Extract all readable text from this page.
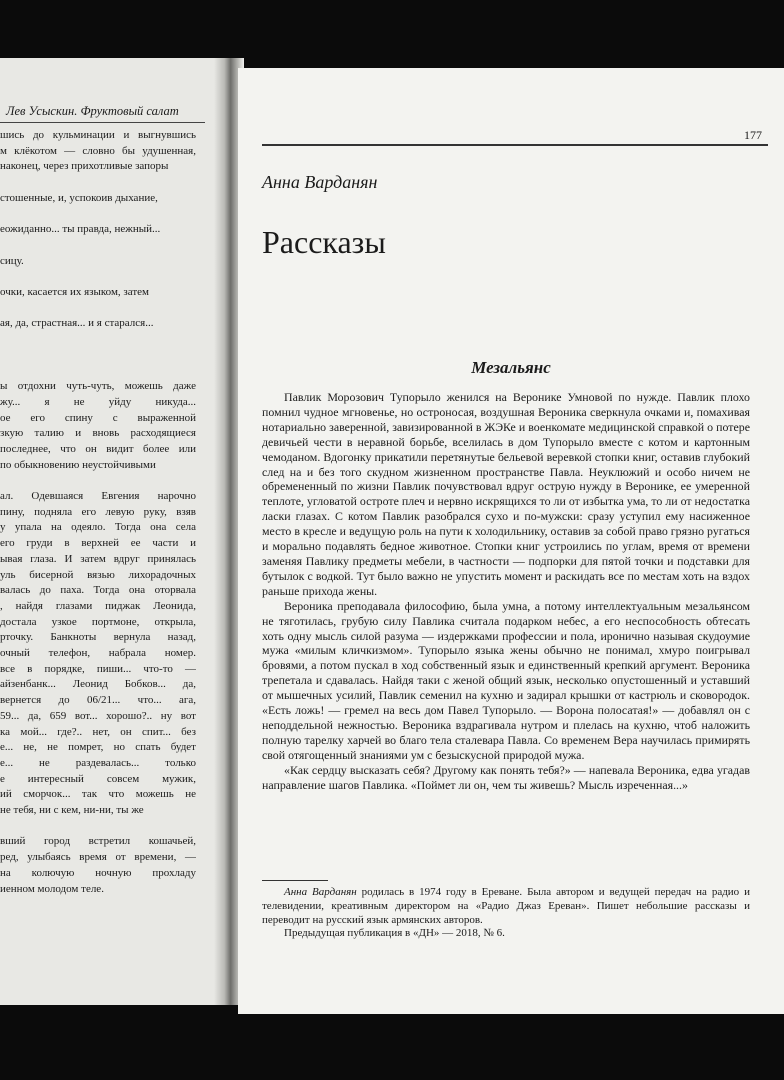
Лев Усыскин. Фруктовый салат
шись до кульминации и выгнувшись
м клёкотом — словно бы удушенная,
наконец, через прихотливые запоры
стошенные, и, успокоив дыхание,
еожиданно... ты правда, нежный...
сицу.
очки, касается их языком, затем
ая, да, страстная... и я старался...
ы отдохни чуть-чуть, можешь даже
жу... я не уйду никуда...
ое его спину с выраженной
зкую талию и вновь расходящиеся
последнее, что он видит более или
по обыкновению неустойчивыми
ал. Одевшаяся Евгения нарочно
пину, подняла его левую руку, взяв
у упала на одеяло. Тогда она села
его груди в верхней ее части и
ывая глаза. И затем вдруг принялась
уль бисерной вязью лихорадочных
валась до паха. Тогда она оторвала
, найдя глазами пиджак Леонида,
достала узкое портмоне, открыла,
рточку. Банкноты вернула назад,
очный телефон, набрала номер.
все в порядке, пиши... что-то —
айзенбанк... Леонид Бобков... да,
вернется до 06/21... что... ага,
59... да, 659 вот... хорошо?.. ну вот
ка мой... где?.. нет, он спит... без
е... не, не помрет, но спать будет
е... не раздевалась... только
е интересный совсем мужик,
ий сморчок... так что можешь не
не тебя, ни с кем, ни-ни, ты же
вший город встретил кошачьей,
ред, улыбаясь время от времени, —
на колючую ночную прохладу
иенном молодом теле.
177
Анна Варданян
Рассказы
Мезальянс

Павлик Морозович Тупорыло женился на Веронике Умновой по нужде. Павлик плохо помнил чудное мгновенье, но остроносая, воздушная Вероника сверкнула очками и, помахивая нотариально заверенной, завизированной в ЖЭКе и военкомате медицинской справкой о потере девичьей чести в неравной борьбе, вселилась в дом Тупорыло вместе с котом и картонным чемоданом. Вдогонку прикатили перетянутые бельевой веревкой стопки книг, оставив глубокий след на и без того скудном жизненном пространстве Павла. Неуклюжий и особо ничем не обремененный по жизни Павлик почувствовал вдруг острую нужду в Веронике, ее умеренной теплоте, угловатой остроте плеч и нервно искрящихся то ли от избытка ума, то ли от недостатка ласки глазах. С котом Павлик разобрался сухо и по-мужски: сразу уступил ему насиженное место в кресле и ведущую роль на пути к холодильнику, оставив за собой право грязно ругаться и морально подавлять бедное животное. Стопки книг устроились по углам, время от времени заменяя Павлику предметы мебели, в частности — подпорки для пятой точки и подставки для бутылок с водкой. Тут было важно не упустить момент и раскидать все по местам хоть на вздох раньше прихода жены.

Вероника преподавала философию, была умна, а потому интеллектуальным мезальянсом не тяготилась, грубую силу Павлика считала подарком небес, а его неспособность обтесать хоть одну мысль силой разума — издержками профессии и пола, иронично называя скудоумие мужа «милым кличкизмом». Тупорыло языка жены обычно не понимал, хмуро поигрывал бровями, а потом пускал в ход собственный язык и единственный крепкий аргумент. Вероника трепетала и сдавалась. Найдя таки с женой общий язык, несколько опустошенный и уставший от мышечных усилий, Павлик семенил на кухню и задирал крышки от кастрюль и сковородок. «Есть ложь! — гремел на весь дом Павел Тупорыло. — Ворона полосатая!» — добавлял он с неподдельной нежностью. Вероника вздрагивала нутром и плелась на кухню, чтоб наложить полную тарелку харчей во благо тела сталевара Павла. Со временем Вера научилась примирять свой отягощенный знаниями ум с безыскусной природой мужа.

«Как сердцу высказать себя? Другому как понять тебя?» — напевала Вероника, едва угадав направление шагов Павлика. «Поймет ли он, чем ты живешь? Мысль изреченная...»

Анна Варданян родилась в 1974 году в Ереване. Была автором и ведущей передач на радио и телевидении, креативным директором на «Радио Джаз Ереван». Пишет небольшие рассказы и переводит на русский язык армянских авторов.

Предыдущая публикация в «ДН» — 2018, № 6.
